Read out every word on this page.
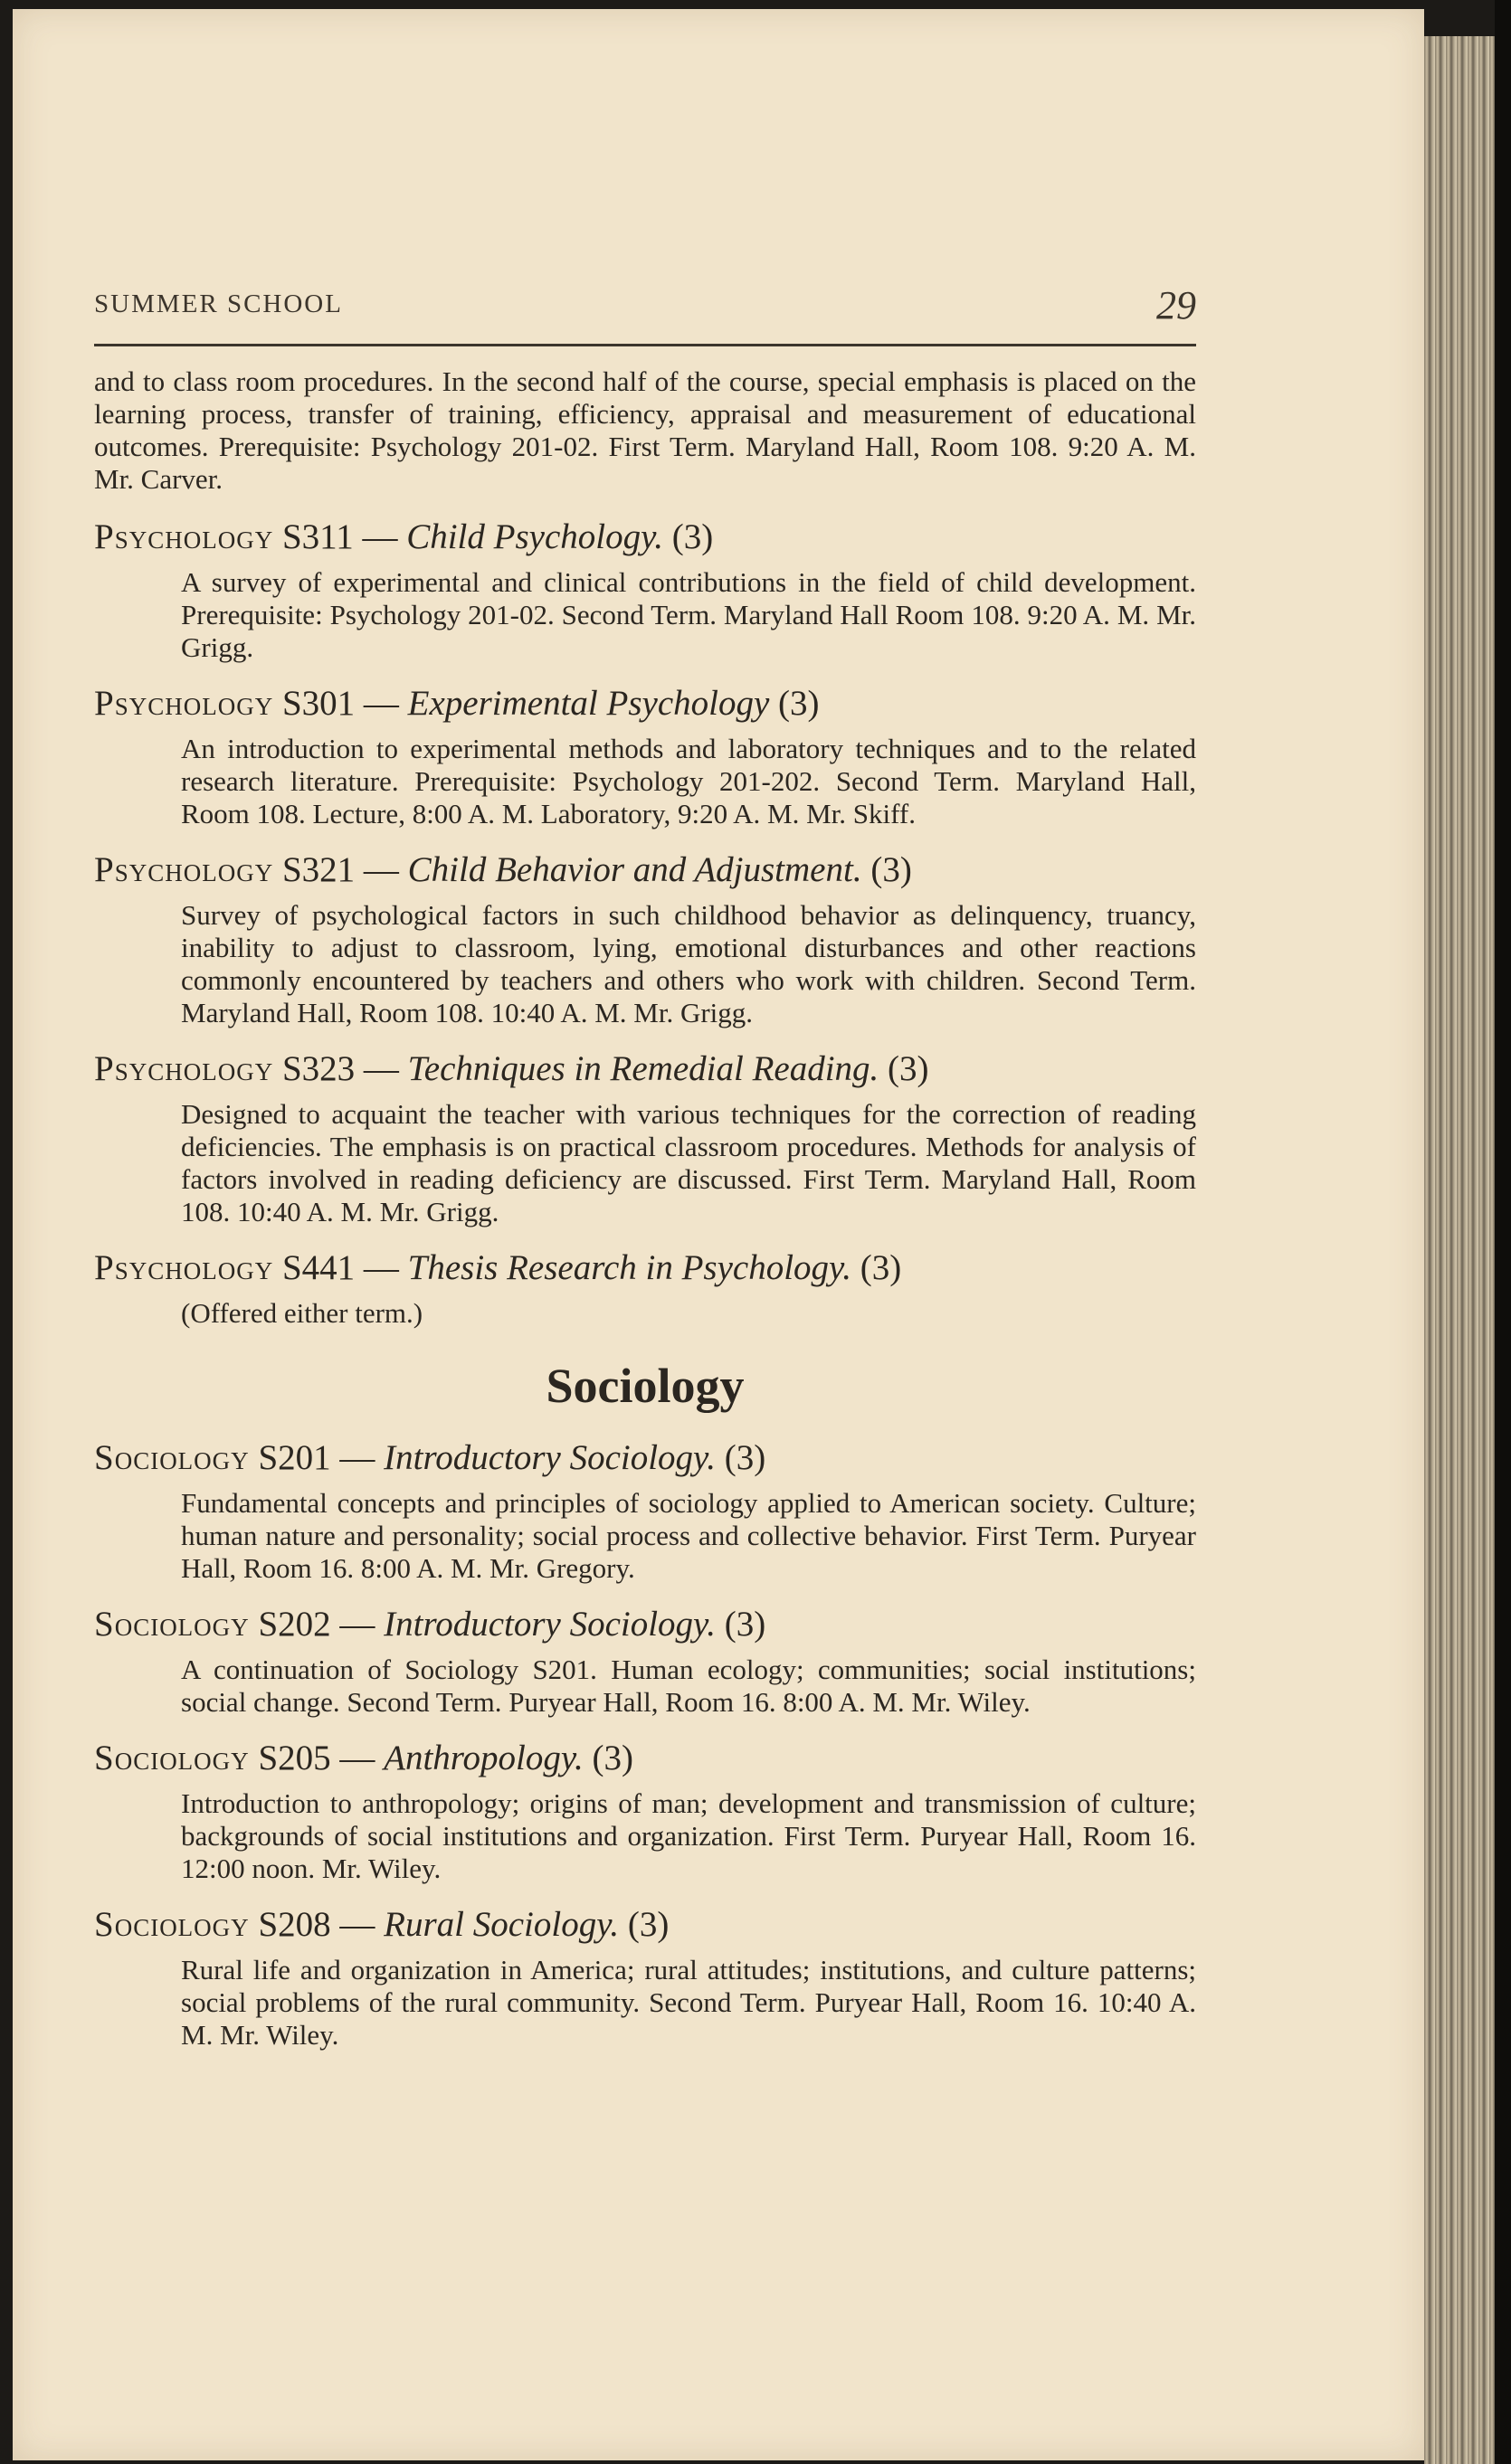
SUMMER SCHOOL	29

and to class room procedures. In the second half of the course, special emphasis is placed on the learning process, transfer of training, efficiency, appraisal and measurement of educational outcomes. Prerequisite: Psychology 201-02. First Term. Maryland Hall, Room 108. 9:20 A. M. Mr. Carver.

Psychology S311 — Child Psychology. (3)

A survey of experimental and clinical contributions in the field of child development. Prerequisite: Psychology 201-02. Second Term. Maryland Hall Room 108. 9:20 A. M. Mr. Grigg.

Psychology S301 — Experimental Psychology (3)

An introduction to experimental methods and laboratory techniques and to the related research literature. Prerequisite: Psychology 201-202. Second Term. Maryland Hall, Room 108. Lecture, 8:00 A. M. Laboratory, 9:20 A. M. Mr. Skiff.

Psychology S321 — Child Behavior and Adjustment. (3)

Survey of psychological factors in such childhood behavior as delinquency, truancy, inability to adjust to classroom, lying, emotional disturbances and other reactions commonly encountered by teachers and others who work with children. Second Term. Maryland Hall, Room 108. 10:40 A. M. Mr. Grigg.

Psychology S323 — Techniques in Remedial Reading. (3)

Designed to acquaint the teacher with various techniques for the correction of reading deficiencies. The emphasis is on practical classroom procedures. Methods for analysis of factors involved in reading deficiency are discussed. First Term. Maryland Hall, Room 108. 10:40 A. M. Mr. Grigg.

Psychology S441 — Thesis Research in Psychology. (3)

(Offered either term.)

Sociology
Sociology S201 — Introductory Sociology. (3)

Fundamental concepts and principles of sociology applied to American society. Culture; human nature and personality; social process and collective behavior. First Term. Puryear Hall, Room 16. 8:00 A. M. Mr. Gregory.

Sociology S202 — Introductory Sociology. (3)

A continuation of Sociology S201. Human ecology; communities; social institutions; social change. Second Term. Puryear Hall, Room 16. 8:00 A. M. Mr. Wiley.

Sociology S205 — Anthropology. (3)

Introduction to anthropology; origins of man; development and transmission of culture; backgrounds of social institutions and organization. First Term. Puryear Hall, Room 16. 12:00 noon. Mr. Wiley.

Sociology S208 — Rural Sociology. (3)

Rural life and organization in America; rural attitudes; institutions, and culture patterns; social problems of the rural community. Second Term. Puryear Hall, Room 16. 10:40 A. M. Mr. Wiley.
